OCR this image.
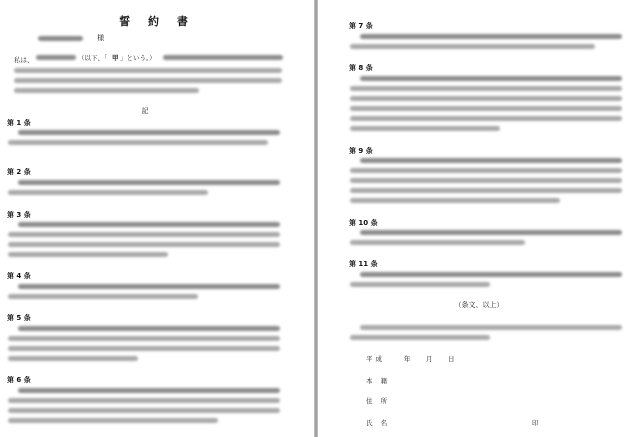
誓 約 書
様
私は、	（以下、「 甲 」という。）
記
第 1 条
第 2 条
第 3 条
第 4 条
第 5 条
第 6 条
第 7 条
第 8 条
第 9 条
第 10 条
第 11 条
（条文、以上）
平成	年 月 日
本 籍
住 所
氏 名	印
